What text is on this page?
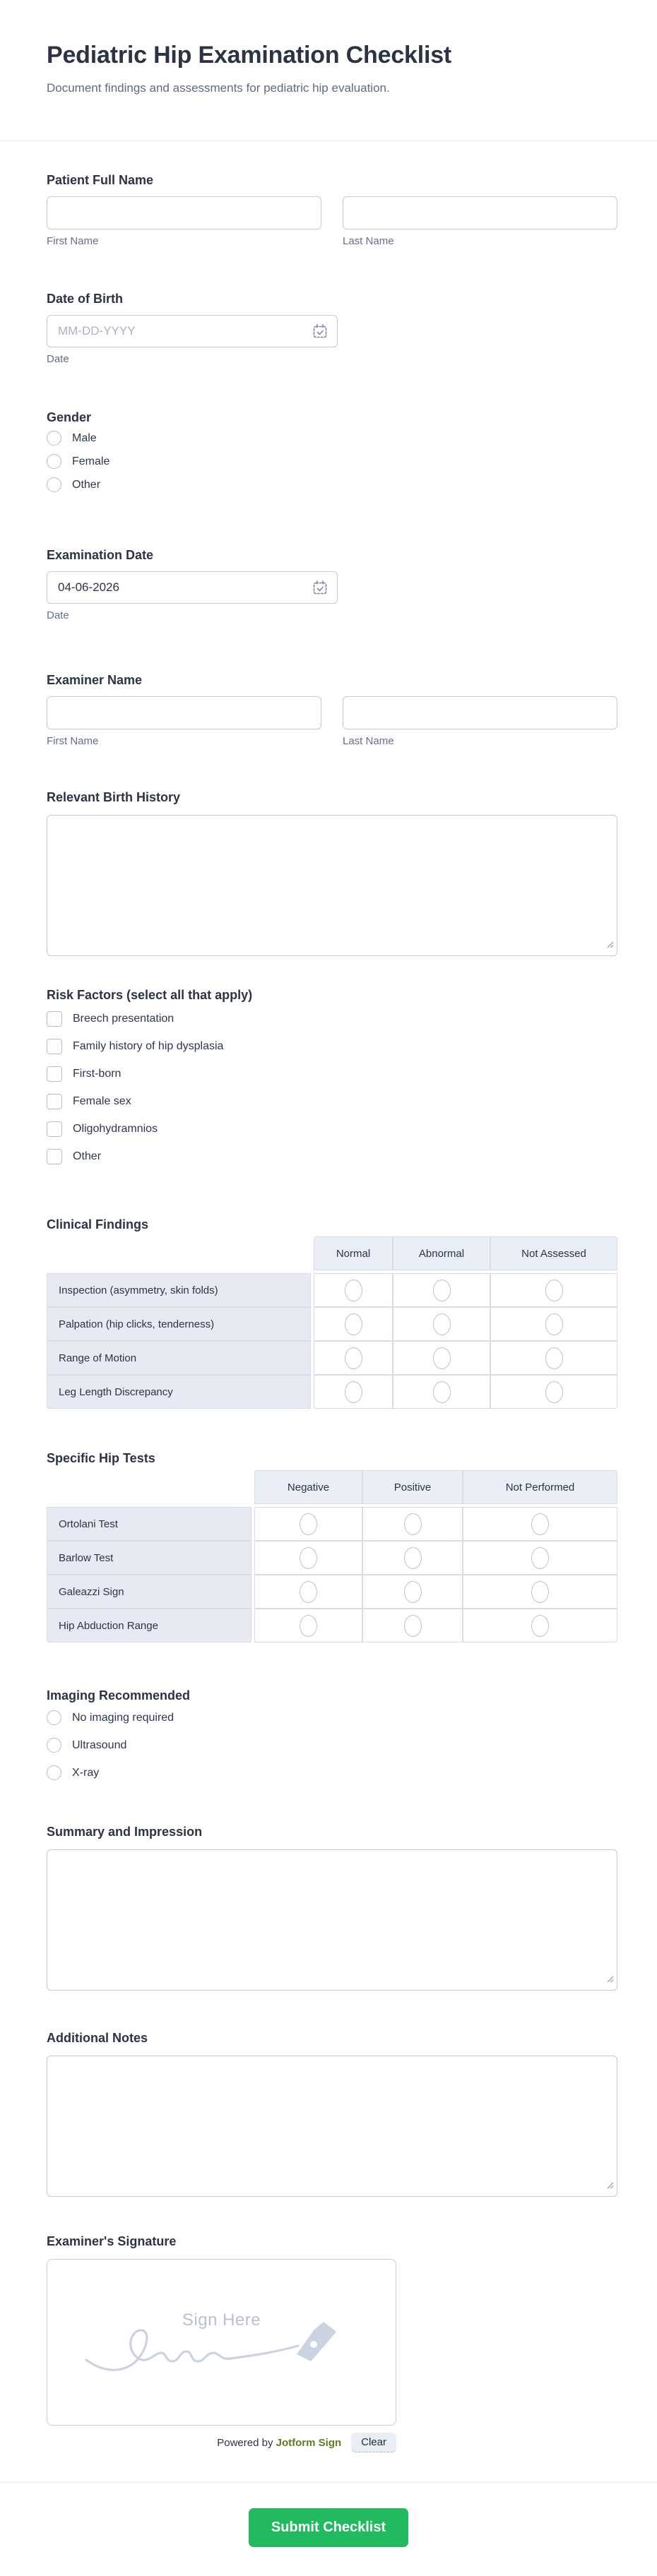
Pediatric Hip Examination Checklist

Document findings and assessments for pediatric hip evaluation.

Patient Full Name
First Name	Last Name
Date of Birth
MM-DD-YYYY
Date
Gender
Male
Female
Other
Examination Date
04-06-2026
Date
Examiner Name
First Name	Last Name
Relevant Birth History
Risk Factors (select all that apply)
Breech presentation
Family history of hip dysplasia
First-born
Female sex
Oligohydramnios
Other
Clinical Findings
Normal	Abnormal	Not Assessed
Inspection (asymmetry, skin folds)
Palpation (hip clicks, tenderness)
Range of Motion
Leg Length Discrepancy
Specific Hip Tests
Negative	Positive	Not Performed
Ortolani Test
Barlow Test
Galeazzi Sign
Hip Abduction Range
Imaging Recommended
No imaging required
Ultrasound
X-ray
Summary and Impression
Additional Notes
Examiner's Signature
Sign Here
Powered by Jotform Sign	Clear
Submit Checklist
